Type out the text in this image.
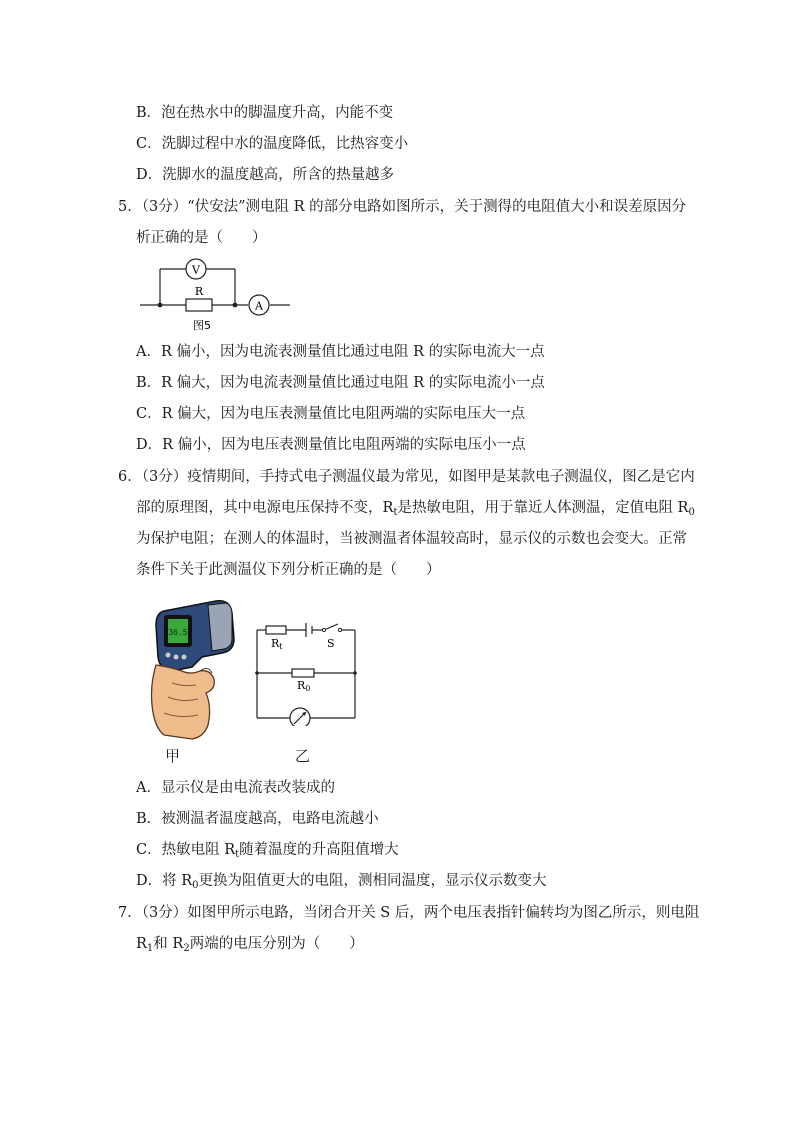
B．泡在热水中的脚温度升高，内能不变
C．洗脚过程中水的温度降低，比热容变小
D．洗脚水的温度越高，所含的热量越多
5．（3分）“伏安法”测电阻 R 的部分电路如图所示，关于测得的电阻值大小和误差原因分
析正确的是（　　）
V
A
R
图5
A．R 偏小，因为电流表测量值比通过电阻 R 的实际电流大一点
B．R 偏大，因为电流表测量值比通过电阻 R 的实际电流小一点
C．R 偏大，因为电压表测量值比电阻两端的实际电压大一点
D．R 偏小，因为电压表测量值比电阻两端的实际电压小一点
6．（3分）疫情期间，手持式电子测温仪最为常见，如图甲是某款电子测温仪，图乙是它内
部的原理图，其中电源电压保持不变，$R_t$是热敏电阻，用于靠近人体测温，定值电阻 $R_0$
为保护电阻；在测人的体温时，当被测温者体温较高时，显示仪的示数也会变大。正常
条件下关于此测温仪下列分析正确的是（　　）
36.5
Rt	S
R0
甲	乙
A．显示仪是由电流表改装成的
B．被测温者温度越高，电路电流越小
C．热敏电阻 $R_t$随着温度的升高阻值增大
D．将 $R_0$更换为阻值更大的电阻，测相同温度，显示仪示数变大
7．（3分）如图甲所示电路，当闭合开关 S 后，两个电压表指针偏转均为图乙所示，则电阻
$R_1$和 $R_2$两端的电压分别为（　　）
